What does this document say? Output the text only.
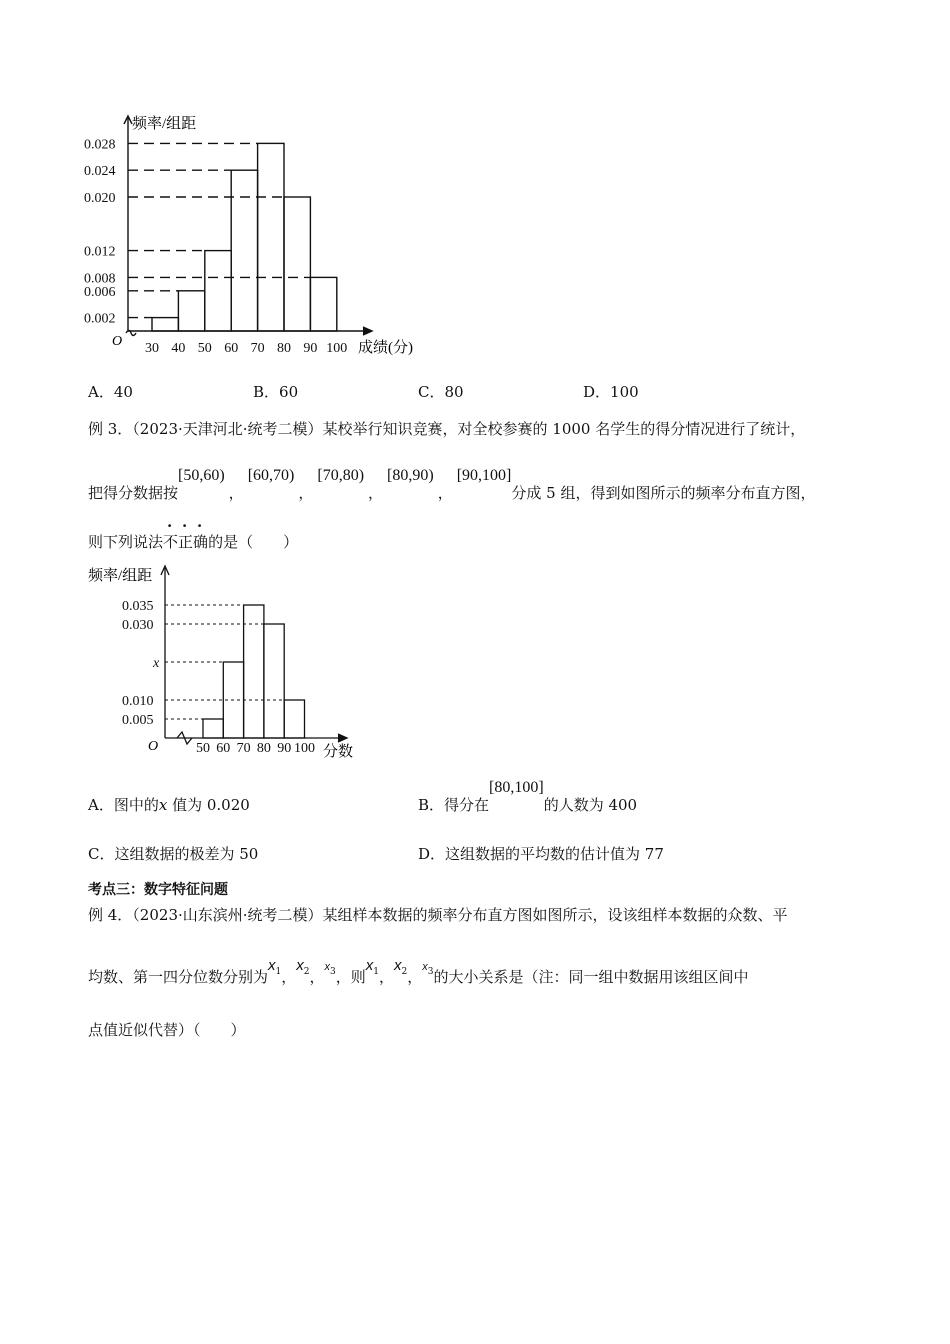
频率/组距
成绩(分)
O
0.028
0.024
0.020
0.012
0.008
0.006
0.002
30 40 50 60 70 80 90 100
A．40	B．60	C．80	D．100
例 3．（2023·天津河北·统考二模）某校举行知识竞赛，对全校参赛的 1000 名学生的得分情况进行了统计，
把得分数据按[50,60)，[60,70)，[70,80)，[80,90)，[90,100]分成 5 组，得到如图所示的频率分布直方图，
则下列说法不正确的是（　　）
频率/组距
分数
O
0.035
0.030
x
0.010
0.005
50 60 70 80 90 100
A．图中的x 值为 0.020	B．得分在[80,100]的人数为 400
C．这组数据的极差为 50	D．这组数据的平均数的估计值为 77
考点三：数字特征问题
例 4．（2023·山东滨州·统考二模）某组样本数据的频率分布直方图如图所示，设该组样本数据的众数、平
均数、第一四分位数分别为$x_1$，$x_2$，$x_3$，则$x_1$，$x_2$，$x_3$的大小关系是（注：同一组中数据用该组区间中
点值近似代替）（　　）
